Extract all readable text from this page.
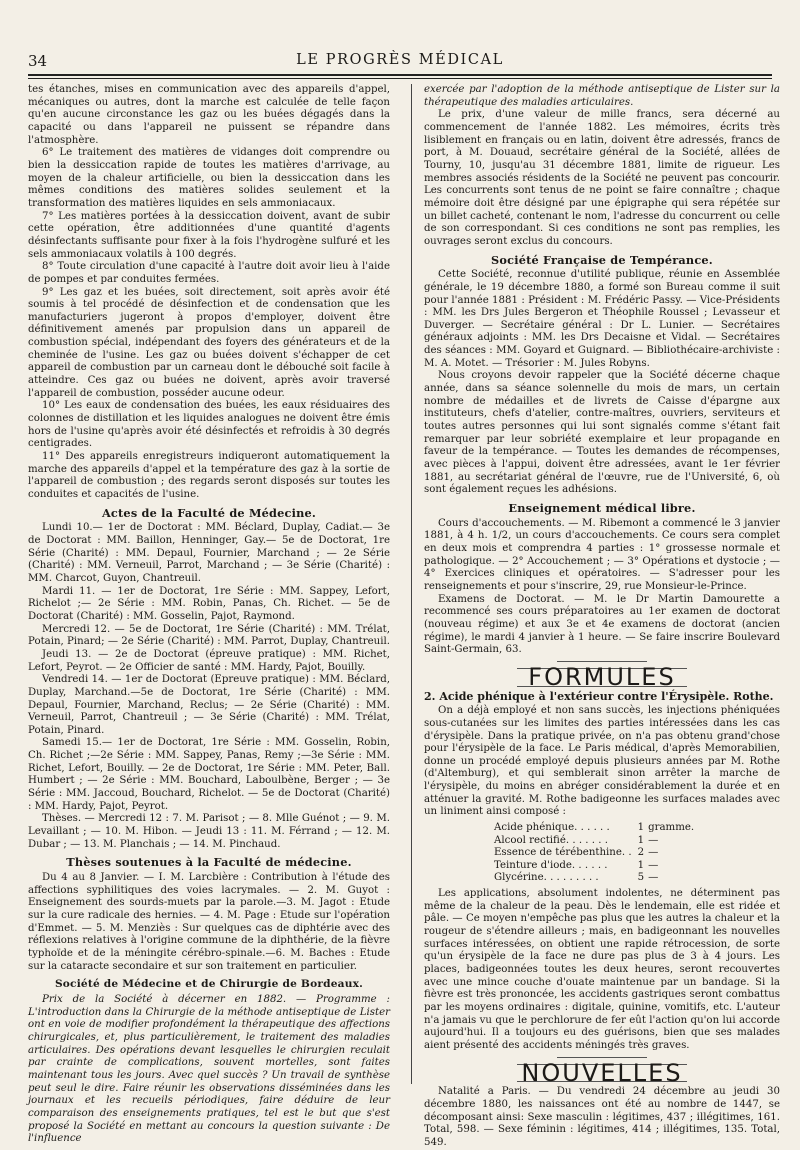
34	LE PROGRÈS MÉDICAL

tes étanches, mises en communication avec des appareils d'appel, mécaniques ou autres, dont la marche est calculée de telle façon qu'en aucune circonstance les gaz ou les buées dégagés dans la capacité ou dans l'appareil ne puissent se répandre dans l'atmosphère.

6° Le traitement des matières de vidanges doit comprendre ou bien la dessiccation rapide de toutes les matières d'arrivage, au moyen de la chaleur artificielle, ou bien la dessiccation dans les mêmes conditions des matières solides seulement et la transformation des matières liquides en sels ammoniacaux.

7° Les matières portées à la dessiccation doivent, avant de subir cette opération, être additionnées d'une quantité d'agents désinfectants suffisante pour fixer à la fois l'hydrogène sulfuré et les sels ammoniacaux volatils à 100 degrés.

8° Toute circulation d'une capacité à l'autre doit avoir lieu à l'aide de pompes et par conduites fermées.

9° Les gaz et les buées, soit directement, soit après avoir été soumis à tel procédé de désinfection et de condensation que les manufacturiers jugeront à propos d'employer, doivent être définitivement amenés par propulsion dans un appareil de combustion spécial, indépendant des foyers des générateurs et de la cheminée de l'usine. Les gaz ou buées doivent s'échapper de cet appareil de combustion par un carneau dont le débouché soit facile à atteindre. Ces gaz ou buées ne doivent, après avoir traversé l'appareil de combustion, posséder aucune odeur.

10° Les eaux de condensation des buées, les eaux résiduaires des colonnes de distillation et les liquides analogues ne doivent être émis hors de l'usine qu'après avoir été désinfectés et refroidis à 30 degrés centigrades.

11° Des appareils enregistreurs indiqueront automatiquement la marche des appareils d'appel et la température des gaz à la sortie de l'appareil de combustion ; des regards seront disposés sur toutes les conduites et capacités de l'usine.

Actes de la Faculté de Médecine.

Lundi 10.— 1er de Doctorat : MM. Béclard, Duplay, Cadiat.— 3e de Doctorat : MM. Baillon, Henninger, Gay.— 5e de Doctorat, 1re Série (Charité) : MM. Depaul, Fournier, Marchand ; — 2e Série (Charité) : MM. Verneuil, Parrot, Marchand ; — 3e Série (Charité) : MM. Charcot, Guyon, Chantreuil.

Mardi 11. — 1er de Doctorat, 1re Série : MM. Sappey, Lefort, Richelot ;— 2e Série : MM. Robin, Panas, Ch. Richet. — 5e de Doctorat (Charité) : MM. Gosselin, Pajot, Raymond.

Mercredi 12. — 5e de Doctorat, 1re Série (Charité) : MM. Trélat, Potain, Pinard; — 2e Série (Charité) : MM. Parrot, Duplay, Chantreuil.

Jeudi 13. — 2e de Doctorat (épreuve pratique) : MM. Richet, Lefort, Peyrot. — 2e Officier de santé : MM. Hardy, Pajot, Bouilly.

Vendredi 14. — 1er de Doctorat (Epreuve pratique) : MM. Béclard, Duplay, Marchand.—5e de Doctorat, 1re Série (Charité) : MM. Depaul, Fournier, Marchand, Reclus; — 2e Série (Charité) : MM. Verneuil, Parrot, Chantreuil ; — 3e Série (Charité) : MM. Trélat, Potain, Pinard.

Samedi 15.— 1er de Doctorat, 1re Série : MM. Gosselin, Robin, Ch. Richet ;—2e Série : MM. Sappey, Panas, Remy ;—3e Série : MM. Richet, Lefort, Bouilly. — 2e de Doctorat, 1re Série : MM. Peter, Ball. Humbert ; — 2e Série : MM. Bouchard, Laboulbène, Berger ; — 3e Série : MM. Jaccoud, Bouchard, Richelot. — 5e de Doctorat (Charité) : MM. Hardy, Pajot, Peyrot.

Thèses. — Mercredi 12 : 7. M. Parisot ; — 8. Mlle Guénot ; — 9. M. Levaillant ; — 10. M. Hibon. — Jeudi 13 : 11. M. Férrand ; — 12. M. Dubar ; — 13. M. Planchais ; — 14. M. Pinchaud.

Thèses soutenues à la Faculté de médecine.

Du 4 au 8 Janvier. — I. M. Larcbière : Contribution à l'étude des affections syphilitiques des voies lacrymales. — 2. M. Guyot : Enseignement des sourds-muets par la parole.—3. M. Jagot : Etude sur la cure radicale des hernies. — 4. M. Page : Etude sur l'opération d'Emmet. — 5. M. Menziès : Sur quelques cas de diphtérie avec des réflexions relatives à l'origine commune de la diphthérie, de la fièvre typhoïde et de la méningite cérébro-spinale.—6. M. Baches : Etude sur la cataracte secondaire et sur son traitement en particulier.

Société de Médecine et de Chirurgie de Bordeaux.

Prix de la Société à décerner en 1882. — Programme : L'introduction dans la Chirurgie de la méthode antiseptique de Lister ont en voie de modifier profondément la thérapeutique des affections chirurgicales, et, plus particulièrement, le traitement des maladies articulaires. Des opérations devant lesquelles le chirurgien reculait par crainte de complications, souvent mortelles, sont faites maintenant tous les jours. Avec quel succès ? Un travail de synthèse peut seul le dire. Faire réunir les observations disséminées dans les journaux et les recueils périodiques, faire déduire de leur comparaison des enseignements pratiques, tel est le but que s'est proposé la Société en mettant au concours la question suivante : De l'influence

exercée par l'adoption de la méthode antiseptique de Lister sur la thérapeutique des maladies articulaires.

Le prix, d'une valeur de mille francs, sera décerné au commencement de l'année 1882. Les mémoires, écrits très lisiblement en français ou en latin, doivent être adressés, francs de port, à M. Douaud, secrétaire général de la Société, allées de Tourny, 10, jusqu'au 31 décembre 1881, limite de rigueur. Les membres associés résidents de la Société ne peuvent pas concourir. Les concurrents sont tenus de ne point se faire connaître ; chaque mémoire doit être désigné par une épigraphe qui sera répétée sur un billet cacheté, contenant le nom, l'adresse du concurrent ou celle de son correspondant. Si ces conditions ne sont pas remplies, les ouvrages seront exclus du concours.

Société Française de Tempérance.

Cette Société, reconnue d'utilité publique, réunie en Assemblée générale, le 19 décembre 1880, a formé son Bureau comme il suit pour l'année 1881 : Président : M. Frédéric Passy. — Vice-Présidents : MM. les Drs Jules Bergeron et Théophile Roussel ; Levasseur et Duverger. — Secrétaire général : Dr L. Lunier. — Secrétaires généraux adjoints : MM. les Drs Decaisne et Vidal. — Secrétaires des séances : MM. Goyard et Guignard. — Bibliothécaire-archiviste : M. A. Motet. — Trésorier : M. Jules Robyns.

Nous croyons devoir rappeler que la Société décerne chaque année, dans sa séance solennelle du mois de mars, un certain nombre de médailles et de livrets de Caisse d'épargne aux instituteurs, chefs d'atelier, contre-maîtres, ouvriers, serviteurs et toutes autres personnes qui lui sont signalés comme s'étant fait remarquer par leur sobriété exemplaire et leur propagande en faveur de la tempérance. — Toutes les demandes de récompenses, avec pièces à l'appui, doivent être adressées, avant le 1er février 1881, au secrétariat général de l'œuvre, rue de l'Université, 6, où sont également reçues les adhésions.

Enseignement médical libre.

Cours d'accouchements. — M. Ribemont a commencé le 3 janvier 1881, à 4 h. 1/2, un cours d'accouchements. Ce cours sera complet en deux mois et comprendra 4 parties : 1° grossesse normale et pathologique. — 2° Accouchement ; — 3° Opérations et dystocie ; — 4° Exercices cliniques et opératoires. — S'adresser pour les renseignements et pour s'inscrire, 29, rue Monsieur-le-Prince.

Examens de Doctorat. — M. le Dr Martin Damourette a recommencé ses cours préparatoires au 1er examen de doctorat (nouveau régime) et aux 3e et 4e examens de doctorat (ancien régime), le mardi 4 janvier à 1 heure. — Se faire inscrire Boulevard Saint-Germain, 63.

FORMULES

2. Acide phénique à l'extérieur contre l'Érysipèle. Rothe.

On a déjà employé et non sans succès, les injections phéniquées sous-cutanées sur les limites des parties intéressées dans les cas d'érysipèle. Dans la pratique privée, on n'a pas obtenu grand'chose pour l'érysipèle de la face. Le Paris médical, d'après Memorabilien, donne un procédé employé depuis plusieurs années par M. Rothe (d'Altemburg), et qui semblerait sinon arrêter la marche de l'érysipèle, du moins en abréger considérablement la durée et en atténuer la gravité. M. Rothe badigeonne les surfaces malades avec un liniment ainsi composé :

Acide phénique. . . . . .	1	gramme.
Alcool rectifié. . . . . . .	1	—
Essence de térébenthine. .	2	—
Teinture d'iode. . . . . .	1	—
Glycérine. . . . . . . . .	5	—

Les applications, absolument indolentes, ne déterminent pas même de la chaleur de la peau. Dès le lendemain, elle est ridée et pâle. — Ce moyen n'empêche pas plus que les autres la chaleur et la rougeur de s'étendre ailleurs ; mais, en badigeonnant les nouvelles surfaces intéressées, on obtient une rapide rétrocession, de sorte qu'un érysipèle de la face ne dure pas plus de 3 à 4 jours. Les places, badigeonnées toutes les deux heures, seront recouvertes avec une mince couche d'ouate maintenue par un bandage. Si la fièvre est très prononcée, les accidents gastriques seront combattus par les moyens ordinaires : digitale, quinine, vomitifs, etc. L'auteur n'a jamais vu que le perchlorure de fer eût l'action qu'on lui accorde aujourd'hui. Il a toujours eu des guérisons, bien que ses malades aient présenté des accidents méningés très graves.

NOUVELLES

Natalité a Paris. — Du vendredi 24 décembre au jeudi 30 décembre 1880, les naissances ont été au nombre de 1447, se décomposant ainsi: Sexe masculin : légitimes, 437 ; illégitimes, 161. Total, 598. — Sexe féminin : légitimes, 414 ; illégitimes, 135. Total, 549.
